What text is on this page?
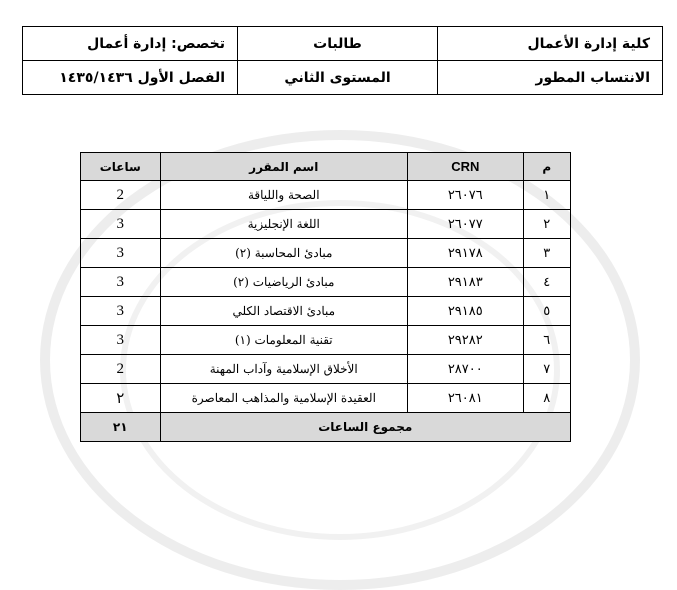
كلية إدارة الأعمال	طالبات	تخصص: إدارة أعمال
الانتساب المطور	المستوى الثاني	الفصل الأول ١٤٣٥/١٤٣٦
م	CRN	اسم المقرر	ساعات
١	٢٦٠٧٦	الصحة واللياقة	2
٢	٢٦٠٧٧	اللغة الإنجليزية	3
٣	٢٩١٧٨	مبادئ المحاسبة (٢)	3
٤	٢٩١٨٣	مبادئ الرياضيات (٢)	3
٥	٢٩١٨٥	مبادئ الاقتصاد الكلي	3
٦	٢٩٢٨٢	تقنية المعلومات (١)	3
٧	٢٨٧٠٠	الأخلاق الإسلامية وآداب المهنة	2
٨	٢٦٠٨١	العقيدة الإسلامية والمذاهب المعاصرة	٢
مجموع الساعات			٢١
